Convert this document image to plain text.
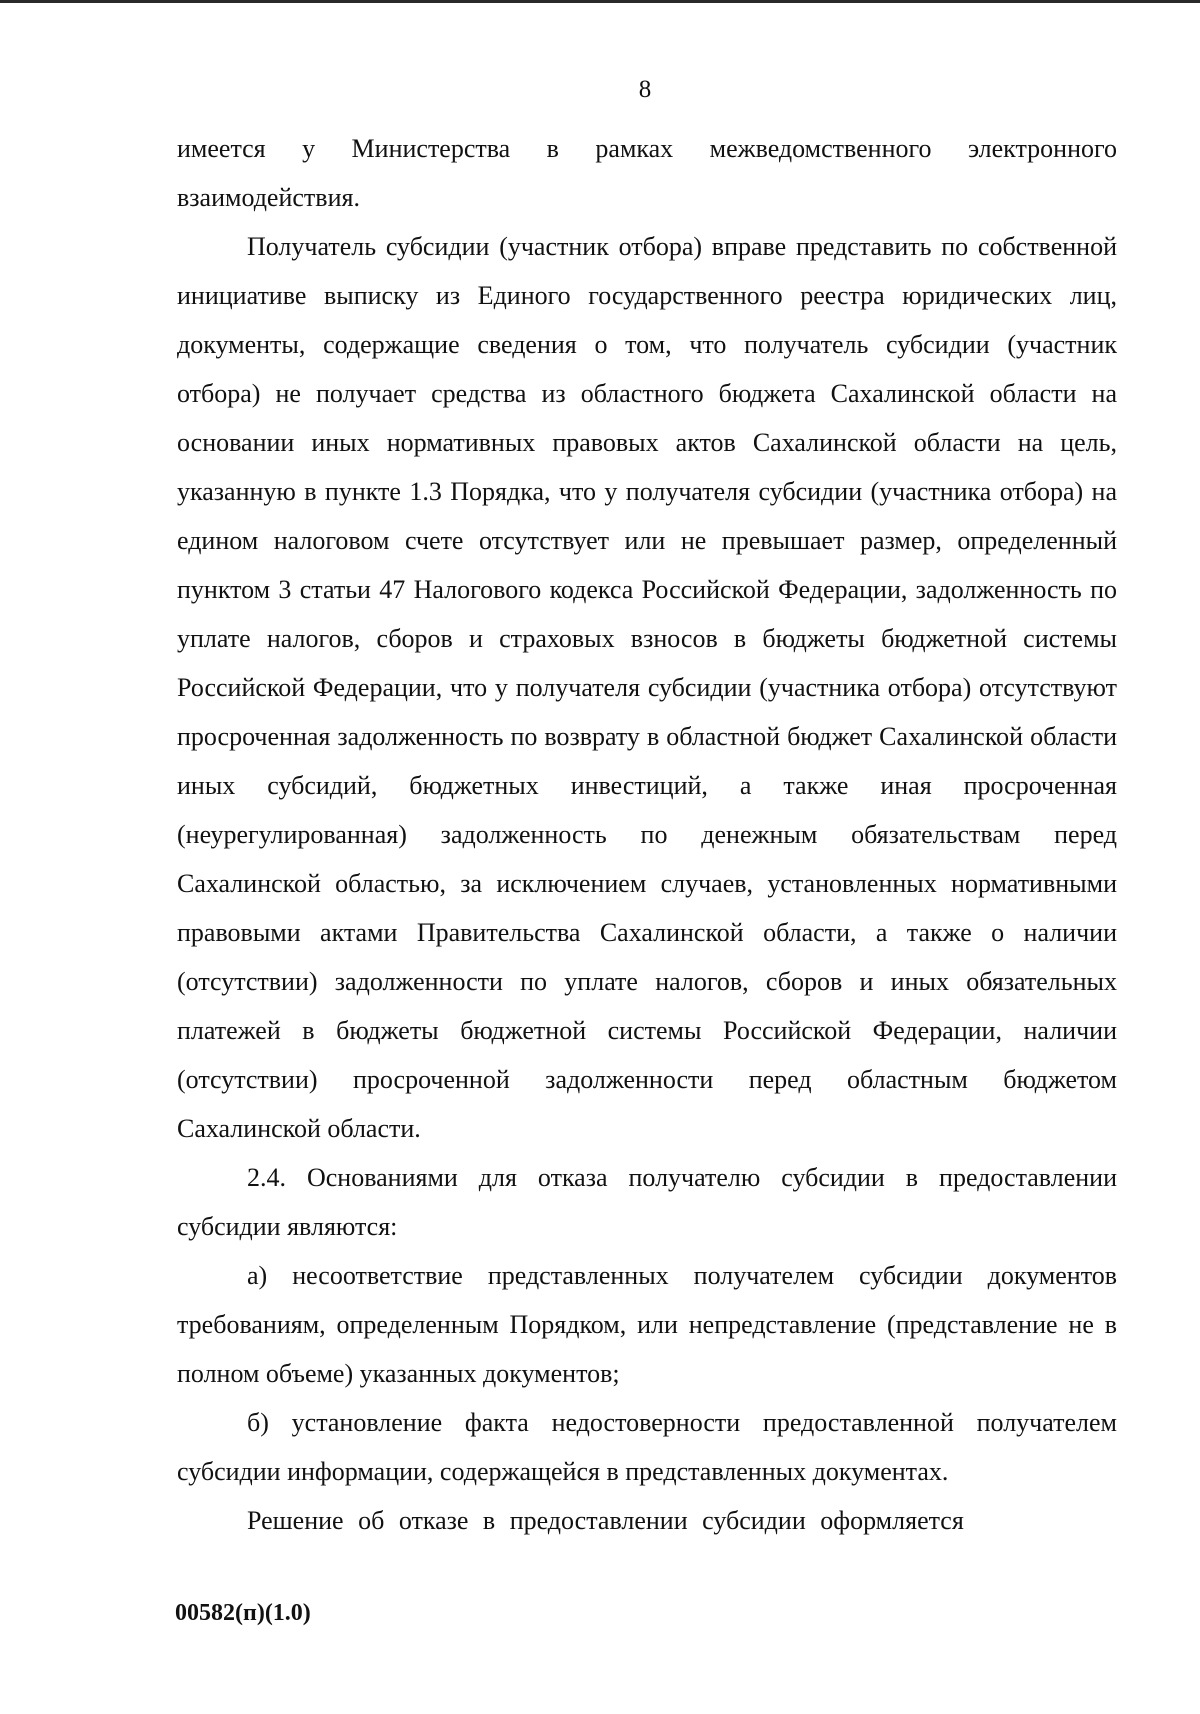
8

имеется у Министерства в рамках межведомственного электронного взаимодействия.

Получатель субсидии (участник отбора) вправе представить по собственной инициативе выписку из Единого государственного реестра юридических лиц, документы, содержащие сведения о том, что получатель субсидии (участник отбора) не получает средства из областного бюджета Сахалинской области на основании иных нормативных правовых актов Сахалинской области на цель, указанную в пункте 1.3 Порядка, что у получателя субсидии (участника отбора) на едином налоговом счете отсутствует или не превышает размер, определенный пунктом 3 статьи 47 Налогового кодекса Российской Федерации, задолженность по уплате налогов, сборов и страховых взносов в бюджеты бюджетной системы Российской Федерации, что у получателя субсидии (участника отбора) отсутствуют просроченная задолженность по возврату в областной бюджет Сахалинской области иных субсидий, бюджетных инвестиций, а также иная просроченная (неурегулированная) задолженность по денежным обязательствам перед Сахалинской областью, за исключением случаев, установленных нормативными правовыми актами Правительства Сахалинской области, а также о наличии (отсутствии) задолженности по уплате налогов, сборов и иных обязательных платежей в бюджеты бюджетной системы Российской Федерации, наличии (отсутствии) просроченной задолженности перед областным бюджетом Сахалинской области.

2.4. Основаниями для отказа получателю субсидии в предоставлении субсидии являются:

а) несоответствие представленных получателем субсидии документов требованиям, определенным Порядком, или непредставление (представление не в полном объеме) указанных документов;

б) установление факта недостоверности предоставленной получателем субсидии информации, содержащейся в представленных документах.

Решение об отказе в предоставлении субсидии оформляется

00582(п)(1.0)
